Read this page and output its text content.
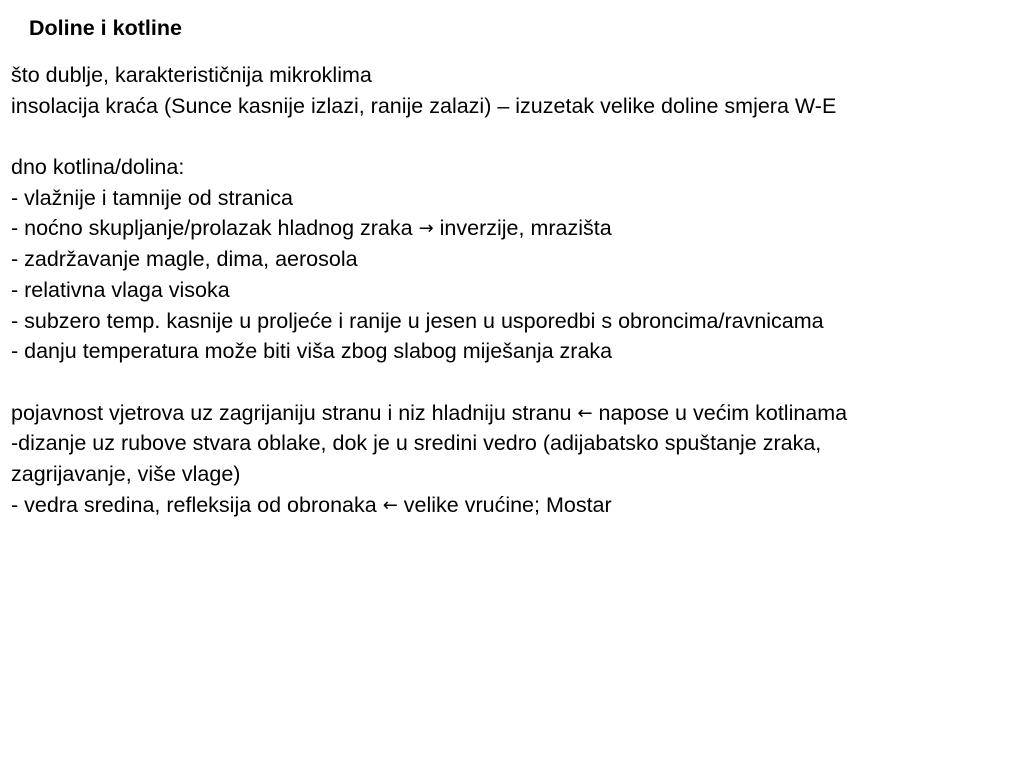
Doline i kotline
što dublje, karakterističnija mikroklima
insolacija kraća (Sunce kasnije izlazi, ranije zalazi) – izuzetak velike doline smjera W-E
dno kotlina/dolina:
- vlažnije i tamnije od stranica
- noćno skupljanje/prolazak hladnog zraka → inverzije, mrazišta
- zadržavanje magle, dima, aerosola
- relativna vlaga visoka
- subzero temp. kasnije u proljeće i ranije u jesen u usporedbi s obroncima/ravnicama
- danju temperatura može biti viša zbog slabog miješanja zraka
pojavnost vjetrova uz zagrijaniju stranu i niz hladniju stranu ← napose u većim kotlinama
-dizanje uz rubove stvara oblake, dok je u sredini vedro (adijabatsko spuštanje zraka,
zagrijavanje, više vlage)
- vedra sredina, refleksija od obronaka ← velike vrućine; Mostar
